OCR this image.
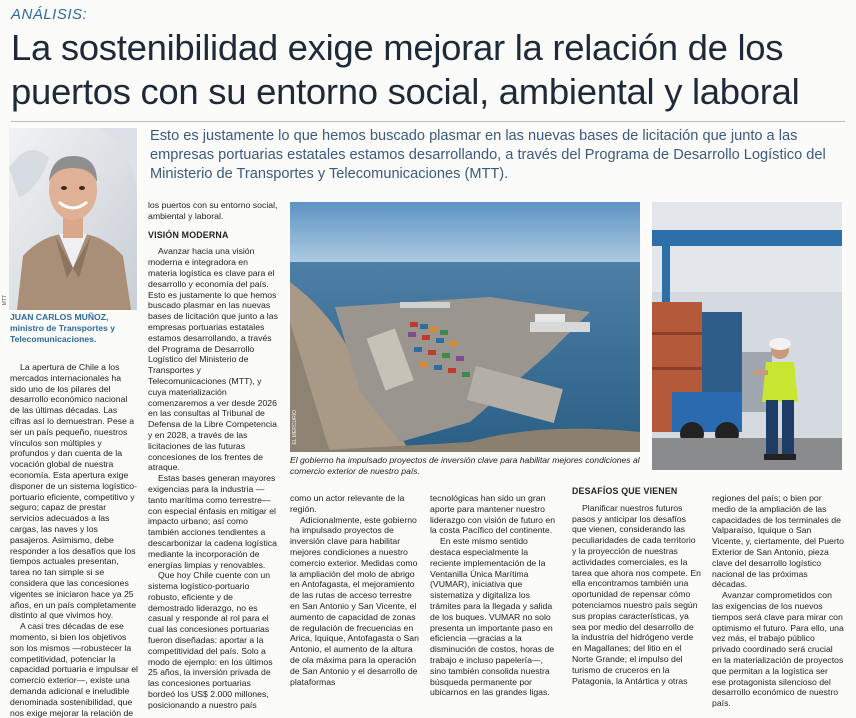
ANÁLISIS:
La sostenibilidad exige mejorar la relación de los puertos con su entorno social, ambiental y laboral
MTT
JUAN CARLOS MUÑOZ,
ministro de Transportes y Telecomunicaciones.
Esto es justamente lo que hemos buscado plasmar en las nuevas bases de licitación que junto a las empresas portuarias estatales estamos desarrollando, a través del Programa de Desarrollo Logístico del Ministerio de Transportes y Telecomunicaciones (MTT).

La apertura de Chile a los mercados internacionales ha sido uno de los pilares del desarrollo económico nacional de las últimas décadas. Las cifras así lo demuestran. Pese a ser un país pequeño, nuestros vínculos son múltiples y profundos y dan cuenta de la vocación global de nuestra economía. Esta apertura exige disponer de un sistema logístico-portuario eficiente, competitivo y seguro; capaz de prestar servicios adecuados a las cargas, las naves y los pasajeros. Asimismo, debe responder a los desafíos que los tiempos actuales presentan, tarea no tan simple si se considera que las concesiones vigentes se iniciaron hace ya 25 años, en un país completamente distinto al que vivimos hoy.

A casi tres décadas de ese momento, si bien los objetivos son los mismos —robustecer la competitividad, potenciar la capacidad portuaria e impulsar el comercio exterior—, existe una demanda adicional e ineludible denominada sostenibilidad, que nos exige mejorar la relación de

los puertos con su entorno social, ambiental y laboral.

VISIÓN MODERNA

Avanzar hacia una visión moderna e integradora en materia logística es clave para el desarrollo y economía del país. Esto es justamente lo que hemos buscado plasmar en las nuevas bases de licitación que junto a las empresas portuarias estatales estamos desarrollando, a través del Programa de Desarrollo Logístico del Ministerio de Transportes y Telecomunicaciones (MTT), y cuya materialización comenzaremos a ver desde 2026 en las consultas al Tribunal de Defensa de la Libre Competencia y en 2028, a través de las licitaciones de las futuras concesiones de los frentes de atraque.

Estas bases generan mayores exigencias para la industria —tanto marítima como terrestre— con especial énfasis en mitigar el impacto urbano; así como también acciones tendientes a descarbonizar la cadena logística mediante la incorporación de energías limpias y renovables.

Que hoy Chile cuente con un sistema logístico-portuario robusto, eficiente y de demostrado liderazgo, no es casual y responde al rol para el cual las concesiones portuarias fueron diseñadas: aportar a la competitividad del país. Solo a modo de ejemplo: en los últimos 25 años, la inversión privada de las concesiones portuarias bordeó los US$ 2.000 millones, posicionando a nuestro país

EL MERCURIO
El gobierno ha impulsado proyectos de inversión clave para habilitar mejores condiciones al comercio exterior de nuestro país.

como un actor relevante de la región.

Adicionalmente, este gobierno ha impulsado proyectos de inversión clave para habilitar mejores condiciones a nuestro comercio exterior. Medidas como la ampliación del molo de abrigo en Antofagasta, el mejoramiento de las rutas de acceso terrestre en San Antonio y San Vicente, el aumento de capacidad de zonas de regulación de frecuencias en Arica, Iquique, Antofagasta o San Antonio, el aumento de la altura de ola máxima para la operación de San Antonio y el desarrollo de plataformas

tecnológicas han sido un gran aporte para mantener nuestro liderazgo con visión de futuro en la costa Pacífico del continente.

En este mismo sentido destaca especialmente la reciente implementación de la Ventanilla Única Marítima (VUMAR), iniciativa que sistematiza y digitaliza los trámites para la llegada y salida de los buques. VUMAR no solo presenta un importante paso en eficiencia —gracias a la disminución de costos, horas de trabajo e incluso papelería—, sino también consolida nuestra búsqueda permanente por ubicarnos en las grandes ligas.

DESAFÍOS QUE VIENEN

Planificar nuestros futuros pasos y anticipar los desafíos que vienen, considerando las peculiaridades de cada territorio y la proyección de nuestras actividades comerciales, es la tarea que ahora nos compete. En ella encontramos también una oportunidad de repensar cómo potenciamos nuestro país según sus propias características, ya sea por medio del desarrollo de la industria del hidrógeno verde en Magallanes; del litio en el Norte Grande; el impulso del turismo de cruceros en la Patagonia, la Antártica y otras

regiones del país; o bien por medio de la ampliación de las capacidades de los terminales de Valparaíso, Iquique o San Vicente, y, ciertamente, del Puerto Exterior de San Antonio, pieza clave del desarrollo logístico nacional de las próximas décadas.

Avanzar comprometidos con las exigencias de los nuevos tiempos será clave para mirar con optimismo el futuro. Para ello, una vez más, el trabajo público privado coordinado será crucial en la materialización de proyectos que permitan a la logística ser ese protagonista silencioso del desarrollo económico de nuestro país.
